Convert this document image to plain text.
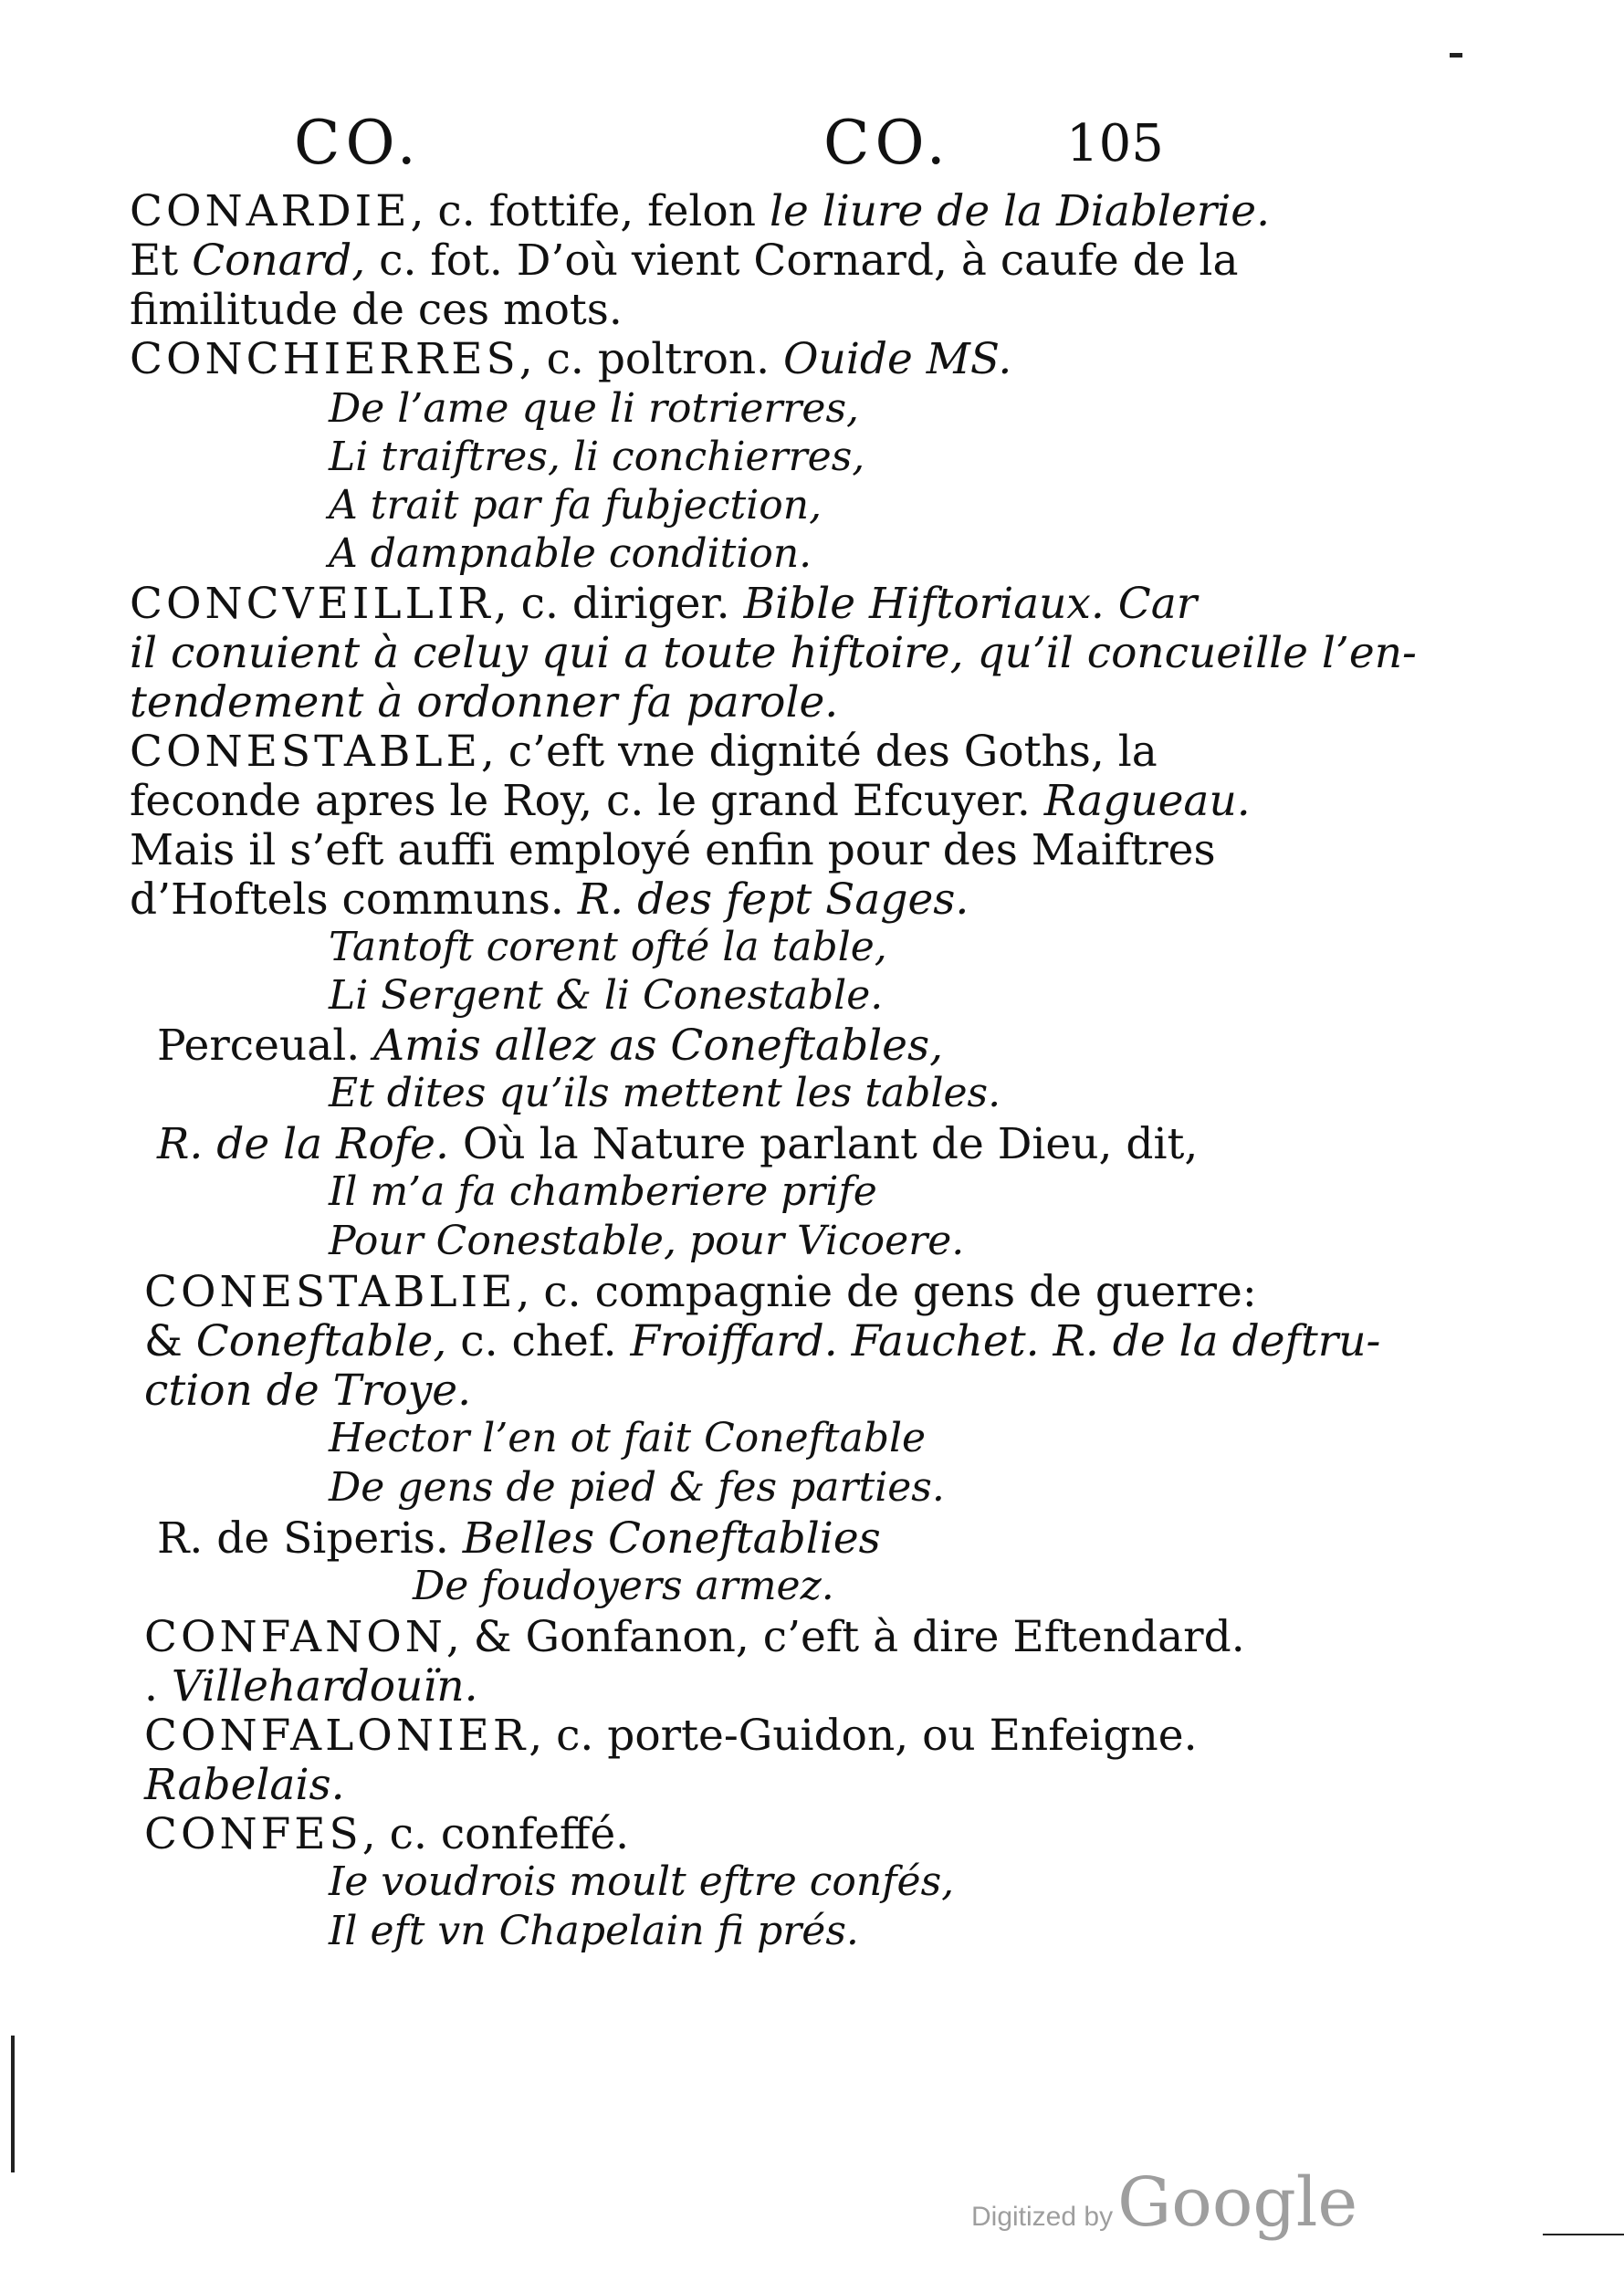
CO.	CO. 105
CONARDIE, c. fottife, felon le liure de la Diablerie.
Et Conard, c. fot. D’où vient Cornard, à caufe de la
fimilitude de ces mots.
CONCHIERRES, c. poltron. Ouide MS.
De l’ame que li rotrierres,
Li traiftres, li conchierres,
A trait par fa fubjection,
A dampnable condition.
CONCVEILLIR, c. diriger. Bible Hiftoriaux. Car
il conuient à celuy qui a toute hiftoire, qu’il concueille l’en-
tendement à ordonner fa parole.
CONESTABLE, c’eft vne dignité des Goths, la
feconde apres le Roy, c. le grand Efcuyer. Ragueau.
Mais il s’eft auffi employé enfin pour des Maiftres
d’Hoftels communs. R. des fept Sages.
Tantoft corent ofté la table,
Li Sergent & li Conestable.
Perceual. Amis allez as Coneftables,
Et dites qu’ils mettent les tables.
R. de la Rofe. Où la Nature parlant de Dieu, dit,
Il m’a fa chamberiere prife
Pour Conestable, pour Vicoere.
CONESTABLIE, c. compagnie de gens de guerre:
& Coneftable, c. chef. Froiffard. Fauchet. R. de la deftru-
ction de Troye.
Hector l’en ot fait Coneftable
De gens de pied & fes parties.
R. de Siperis. Belles Coneftablies
De foudoyers armez.
CONFANON, & Gonfanon, c’eft à dire Eftendard.
. Villehardouïn.
CONFALONIER, c. porte-Guidon, ou Enfeigne.
Rabelais.
CONFES, c. confeffé.
Ie voudrois moult eftre confés,
Il eft vn Chapelain fi prés.
Digitized by Google
